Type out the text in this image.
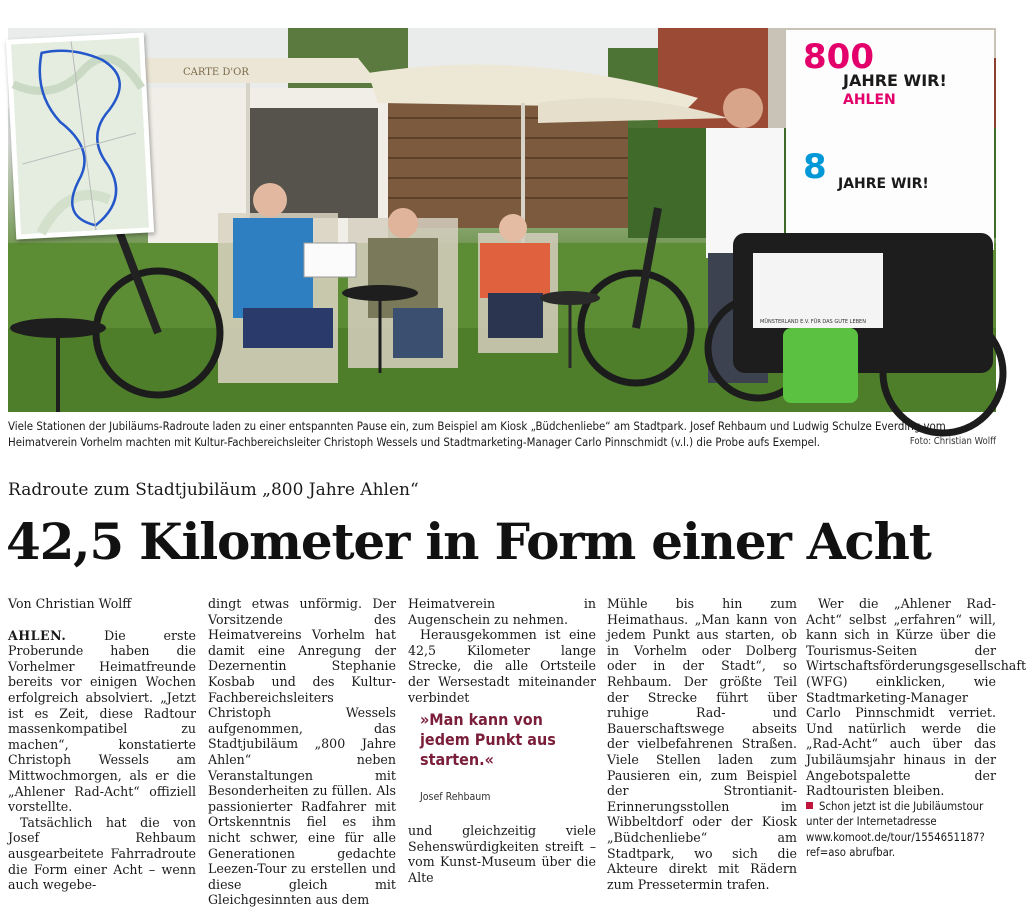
CARTE D'OR	800
JAHRE WIR!
AHLEN
8 JAHRE WIR!
MÜNSTERLAND E.V. FÜR DAS GUTE LEBEN
Viele Stationen der Jubiläums-Radroute laden zu einer entspannten Pause ein, zum Beispiel am Kiosk „Büdchenliebe“ am Stadtpark. Josef Rehbaum und Ludwig Schulze Everding vom Heimatverein Vorhelm machten mit Kultur-Fachbereichsleiter Christoph Wessels und Stadtmarketing-Manager Carlo Pinnschmidt (v.l.) die Probe aufs Exempel.	Foto: Christian Wolff
Radroute zum Stadtjubiläum „800 Jahre Ahlen“
42,5 Kilometer in Form einer Acht
Von Christian Wolff

AHLEN.	Die erste Proberunde haben die Vorhelmer Heimatfreunde bereits vor einigen Wochen erfolgreich absolviert. „Jetzt ist es Zeit, diese Radtour massenkompatibel zu machen“, konstatierte Christoph Wessels am Mittwochmorgen, als er die „Ahlener Rad-Acht“ offiziell vorstellte.

Tatsächlich hat die von Josef Rehbaum ausgearbeitete Fahrradroute die Form einer Acht – wenn auch wegebe-

dingt etwas unförmig. Der Vorsitzende des Heimatvereins Vorhelm hat damit eine Anregung der Dezernentin Stephanie Kosbab und des Kultur-Fachbereichsleiters Christoph Wessels aufgenommen, das Stadtjubiläum „800 Jahre Ahlen“ neben Veranstaltungen mit Besonderheiten zu füllen. Als passionierter Radfahrer mit Ortskenntnis fiel es ihm nicht schwer, eine für alle Generationen gedachte Leezen-Tour zu erstellen und diese gleich mit Gleichgesinnten aus dem

Heimatverein in Augenschein zu nehmen.

Herausgekommen ist eine 42,5 Kilometer lange Strecke, die alle Ortsteile der Wersestadt miteinander verbindet

»Man kann von jedem Punkt aus starten.«
Josef Rehbaum

und gleichzeitig viele Sehenswürdigkeiten streift – vom Kunst-Museum über die Alte

Mühle bis hin zum Heimathaus. „Man kann von jedem Punkt aus starten, ob in Vorhelm oder Dolberg oder in der Stadt“, so Rehbaum. Der größte Teil der Strecke führt über ruhige Rad- und Bauerschaftswege abseits der vielbefahrenen Straßen. Viele Stellen laden zum Pausieren ein, zum Beispiel der Strontianit-Erinnerungsstollen im Wibbeltdorf oder der Kiosk „Büdchenliebe“ am Stadtpark, wo sich die Akteure direkt mit Rädern zum Pressetermin trafen.

Wer die „Ahlener Rad-Acht“ selbst „erfahren“ will, kann sich in Kürze über die Tourismus-Seiten der Wirtschaftsförderungsgesellschaft (WFG) einklicken, wie Stadtmarketing-Manager Carlo Pinnschmidt verriet. Und natürlich werde die „Rad-Acht“ auch über das Jubiläumsjahr hinaus in der Angebotspalette der Radtouristen bleiben.

Schon jetzt ist die Jubiläumstour unter der Internetadresse www.komoot.de/tour/1554651187?ref=aso abrufbar.
